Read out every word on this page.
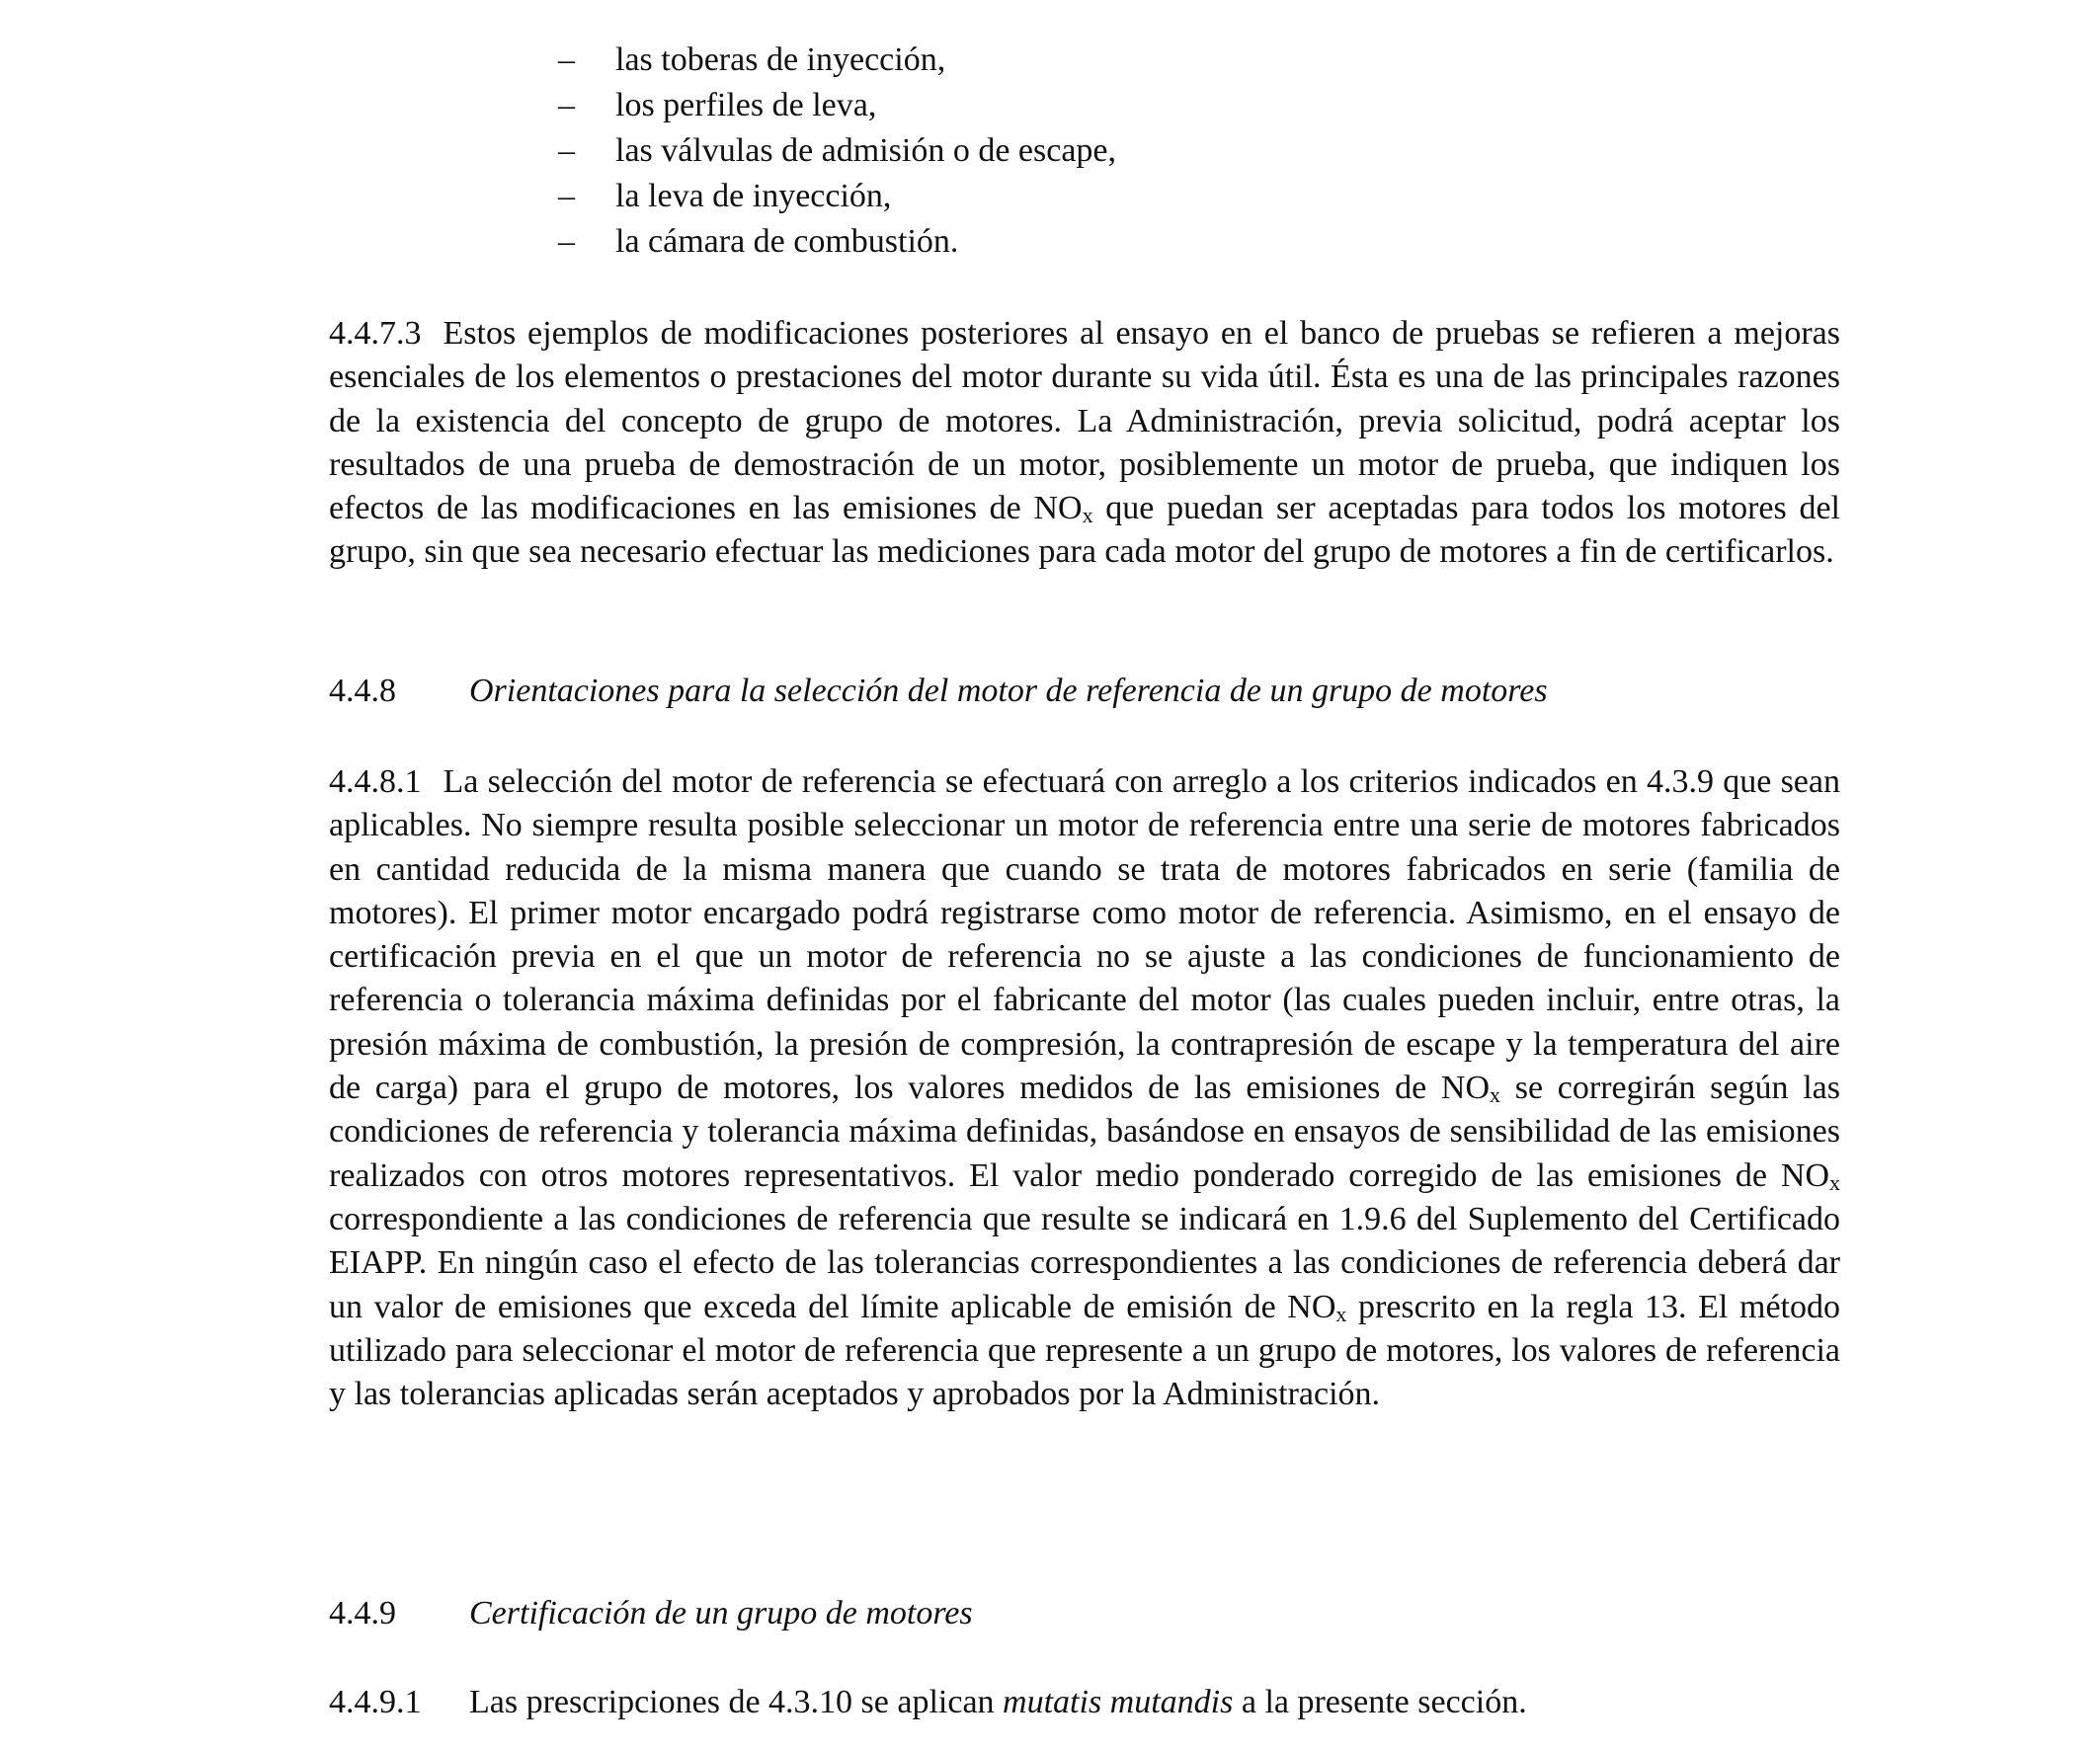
– las toberas de inyección,
– los perfiles de leva,
– las válvulas de admisión o de escape,
– la leva de inyección,
– la cámara de combustión.

4.4.7.3 Estos ejemplos de modificaciones posteriores al ensayo en el banco de pruebas se refieren a mejoras esenciales de los elementos o prestaciones del motor durante su vida útil. Ésta es una de las principales razones de la existencia del concepto de grupo de motores. La Administración, previa solicitud, podrá aceptar los resultados de una prueba de demostración de un motor, posiblemente un motor de prueba, que indiquen los efectos de las modificaciones en las emisiones de $NO_x$ que puedan ser aceptadas para todos los motores del grupo, sin que sea necesario efectuar las mediciones para cada motor del grupo de motores a fin de certificarlos.

4.4.8 Orientaciones para la selección del motor de referencia de un grupo de motores

4.4.8.1 La selección del motor de referencia se efectuará con arreglo a los criterios indicados en 4.3.9 que sean aplicables. No siempre resulta posible seleccionar un motor de referencia entre una serie de motores fabricados en cantidad reducida de la misma manera que cuando se trata de motores fabricados en serie (familia de motores). El primer motor encargado podrá registrarse como motor de referencia. Asimismo, en el ensayo de certificación previa en el que un motor de referencia no se ajuste a las condiciones de funcionamiento de referencia o tolerancia máxima definidas por el fabricante del motor (las cuales pueden incluir, entre otras, la presión máxima de combustión, la presión de compresión, la contrapresión de escape y la temperatura del aire de carga) para el grupo de motores, los valores medidos de las emisiones de $NO_x$ se corregirán según las condiciones de referencia y tolerancia máxima definidas, basándose en ensayos de sensibilidad de las emisiones realizados con otros motores representativos. El valor medio ponderado corregido de las emisiones de $NO_x$ correspondiente a las condiciones de referencia que resulte se indicará en 1.9.6 del Suplemento del Certificado EIAPP. En ningún caso el efecto de las tolerancias correspondientes a las condiciones de referencia deberá dar un valor de emisiones que exceda del límite aplicable de emisión de $NO_x$ prescrito en la regla 13. El método utilizado para seleccionar el motor de referencia que represente a un grupo de motores, los valores de referencia y las tolerancias aplicadas serán aceptados y aprobados por la Administración.

4.4.9 Certificación de un grupo de motores

4.4.9.1 Las prescripciones de 4.3.10 se aplican mutatis mutandis a la presente sección.
